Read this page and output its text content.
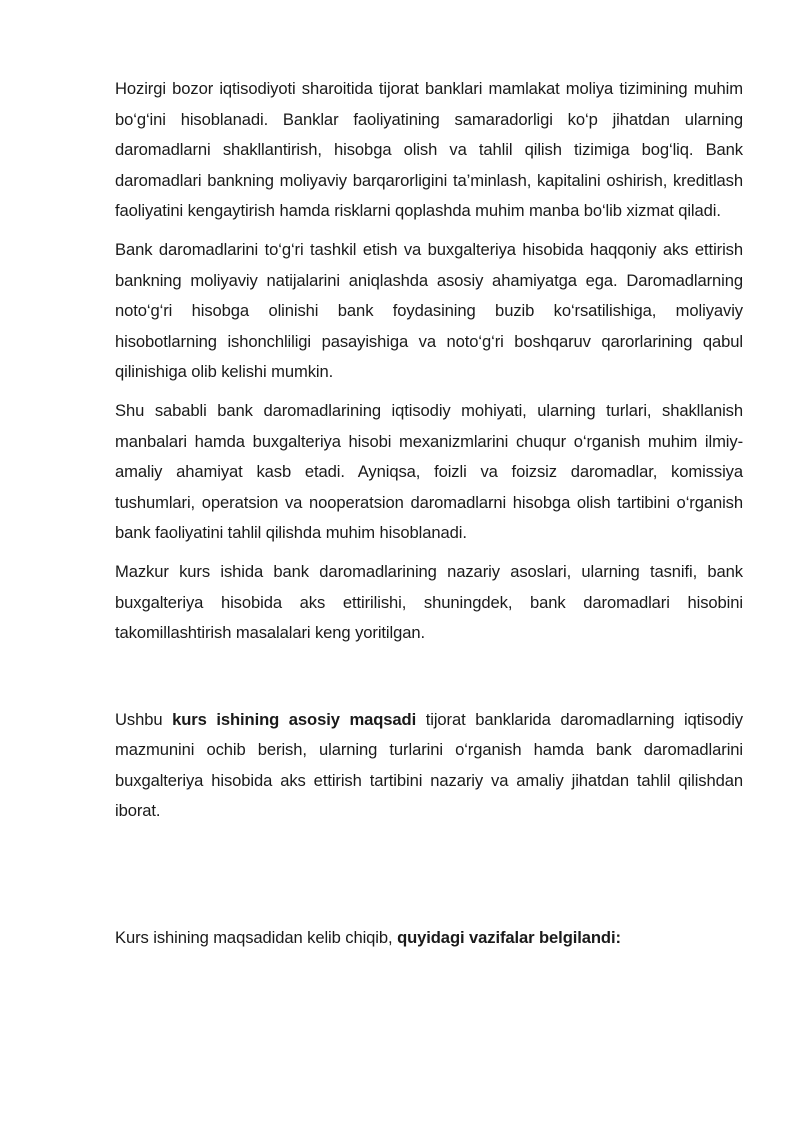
Hozirgi bozor iqtisodiyoti sharoitida tijorat banklari mamlakat moliya tizimining muhim bo‘g‘ini hisoblanadi. Banklar faoliyatining samaradorligi ko‘p jihatdan ularning daromadlarni shakllantirish, hisobga olish va tahlil qilish tizimiga bog‘liq. Bank daromadlari bankning moliyaviy barqarorligini ta’minlash, kapitalini oshirish, kreditlash faoliyatini kengaytirish hamda risklarni qoplashda muhim manba bo‘lib xizmat qiladi.

Bank daromadlarini to‘g‘ri tashkil etish va buxgalteriya hisobida haqqoniy aks ettirish bankning moliyaviy natijalarini aniqlashda asosiy ahamiyatga ega. Daromadlarning noto‘g‘ri hisobga olinishi bank foydasining buzib ko‘rsatilishiga, moliyaviy hisobotlarning ishonchliligi pasayishiga va noto‘g‘ri boshqaruv qarorlarining qabul qilinishiga olib kelishi mumkin.

Shu sababli bank daromadlarining iqtisodiy mohiyati, ularning turlari, shakllanish manbalari hamda buxgalteriya hisobi mexanizmlarini chuqur o‘rganish muhim ilmiy-amaliy ahamiyat kasb etadi. Ayniqsa, foizli va foizsiz daromadlar, komissiya tushumlari, operatsion va nooperatsion daromadlarni hisobga olish tartibini o‘rganish bank faoliyatini tahlil qilishda muhim hisoblanadi.

Mazkur kurs ishida bank daromadlarining nazariy asoslari, ularning tasnifi, bank buxgalteriya hisobida aks ettirilishi, shuningdek, bank daromadlari hisobini takomillashtirish masalalari keng yoritilgan.

Ushbu kurs ishining asosiy maqsadi tijorat banklarida daromadlarning iqtisodiy mazmunini ochib berish, ularning turlarini o‘rganish hamda bank daromadlarini buxgalteriya hisobida aks ettirish tartibini nazariy va amaliy jihatdan tahlil qilishdan iborat.

Kurs ishining maqsadidan kelib chiqib, quyidagi vazifalar belgilandi:
